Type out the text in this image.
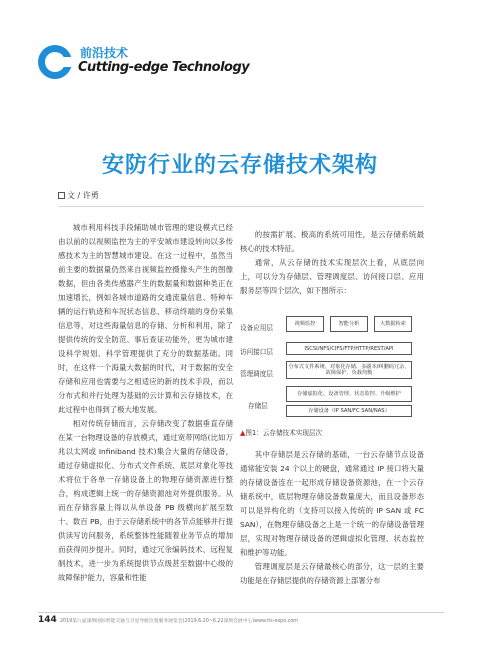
前沿技术
Cutting-edge Technology
安防行业的云存储技术架构
文 / 许勇

城市利用科技手段辅助城市管理的建设模式已经由以前的以视频监控为主的平安城市建设转向以多传感技术为主的智慧城市建设。在这一过程中，虽然当前主要的数据量仍然来自视频监控摄像头产生的图像数据，但由各类传感器产生的数据量和数据种类正在加速增长，例如各城市道路的交通流量信息、特种车辆的运行轨迹和车况状态信息、移动终端的身份采集信息等，对这些海量信息的存储、分析和利用，除了提供传统的安全防范、事后查证功能外，更为城市建设科学规划、科学管理提供了充分的数据基础。同时，在这样一个海量大数据的时代，对于数据的安全存储和应用也需要与之相适应的新的技术手段，而以分布式和并行处理为基础的云计算和云存储技术，在此过程中也得到了极大地发展。

相对传统存储而言，云存储改变了数据垂直存储在某一台物理设备的存放模式，通过宽带网络(比如万兆以太网或 Infiniband 技术)集合大量的存储设备，通过存储虚拟化、分布式文件系统、底层对象化等技术将位于各单一存储设备上的物理存储资源进行整合，构成逻辑上统一的存储资源池对外提供服务。从而在存储容量上得以从单设备 PB 级横向扩展至数十、数百 PB，由于云存储系统中的各节点能够并行提供读写访问服务，系统整体性能随着业务节点的增加而获得同步提升。同时，通过冗余编码技术、远程复制技术，进一步为系统提供节点级甚至数据中心级的故障保护能力，容量和性能

的按需扩展、极高的系统可用性，是云存储系统最核心的技术特征。

通常，从云存储的技术实现层次上看，从底层向上，可以分为存储层、管理调度层、访问接口层、应用服务层等四个层次，如下图所示：

设备应用层	视频监控	智能分析	大数据检索
访问接口层	ISCSI/NFS/CIFS/FTP/HTTP/REST/API
管理调度层
分布式文件系统、对象化存储、多副本/纠删码冗余、故障保护、负载均衡
存储层
存储虚拟化、设备管理、状态监控、升级维护
存储设备（IP SAN/FC SAN/NAS）
▲图1：云存储技术实现层次

其中存储层是云存储的基础，一台云存储节点设备通常能安装 24 个以上的硬盘，通常通过 IP 接口将大量的存储设备连在一起形成存储设备资源池，在一个云存储系统中，底层物理存储设备数量庞大，而且设备形态可以是异构化的（支持可以接入传统的 IP SAN 或 FC SAN），在物理存储设备之上是一个统一的存储设备管理层，实现对物理存储设备的逻辑虚拟化管理、状态监控和维护等功能。

管理调度层是云存储最核心的部分，这一层的主要功能是在存储层提供的存储资源上部署分布

144 2019第八届深圳国际智能交通与卫星导航位置服务展览会(2019.6.20~6.22深圳会展中心)www.its-expo.com
